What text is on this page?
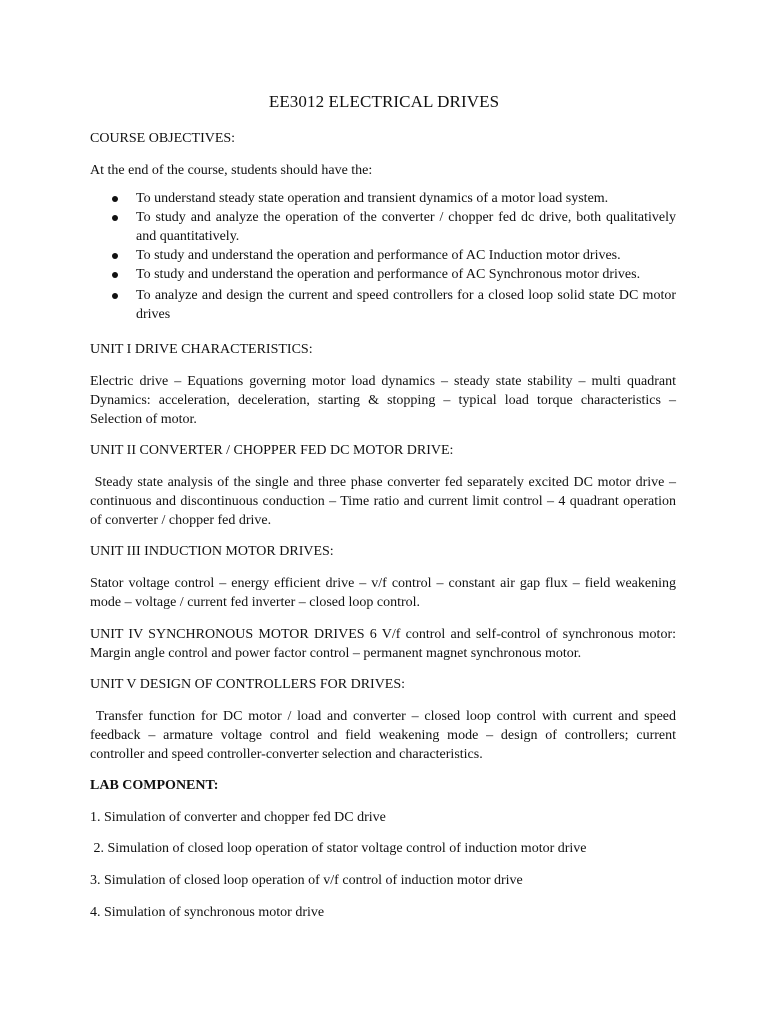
EE3012 ELECTRICAL DRIVES
COURSE OBJECTIVES:
At the end of the course, students should have the:
To understand steady state operation and transient dynamics of a motor load system.
To study and analyze the operation of the converter / chopper fed dc drive, both qualitatively and quantitatively.
To study and understand the operation and performance of AC Induction motor drives.
To study and understand the operation and performance of AC Synchronous motor drives.
To analyze and design the current and speed controllers for a closed loop solid state DC motor drives
UNIT I DRIVE CHARACTERISTICS:
Electric drive – Equations governing motor load dynamics – steady state stability – multi quadrant Dynamics: acceleration, deceleration, starting & stopping – typical load torque characteristics – Selection of motor.
UNIT II CONVERTER / CHOPPER FED DC MOTOR DRIVE:
Steady state analysis of the single and three phase converter fed separately excited DC motor drive – continuous and discontinuous conduction – Time ratio and current limit control – 4 quadrant operation of converter / chopper fed drive.
UNIT III INDUCTION MOTOR DRIVES:
Stator voltage control – energy efficient drive – v/f control – constant air gap flux – field weakening mode – voltage / current fed inverter – closed loop control.
UNIT IV SYNCHRONOUS MOTOR DRIVES 6 V/f control and self-control of synchronous motor: Margin angle control and power factor control – permanent magnet synchronous motor.
UNIT V DESIGN OF CONTROLLERS FOR DRIVES:
Transfer function for DC motor / load and converter – closed loop control with current and speed feedback – armature voltage control and field weakening mode – design of controllers; current controller and speed controller-converter selection and characteristics.
LAB COMPONENT:
1. Simulation of converter and chopper fed DC drive
2. Simulation of closed loop operation of stator voltage control of induction motor drive
3. Simulation of closed loop operation of v/f control of induction motor drive
4. Simulation of synchronous motor drive
